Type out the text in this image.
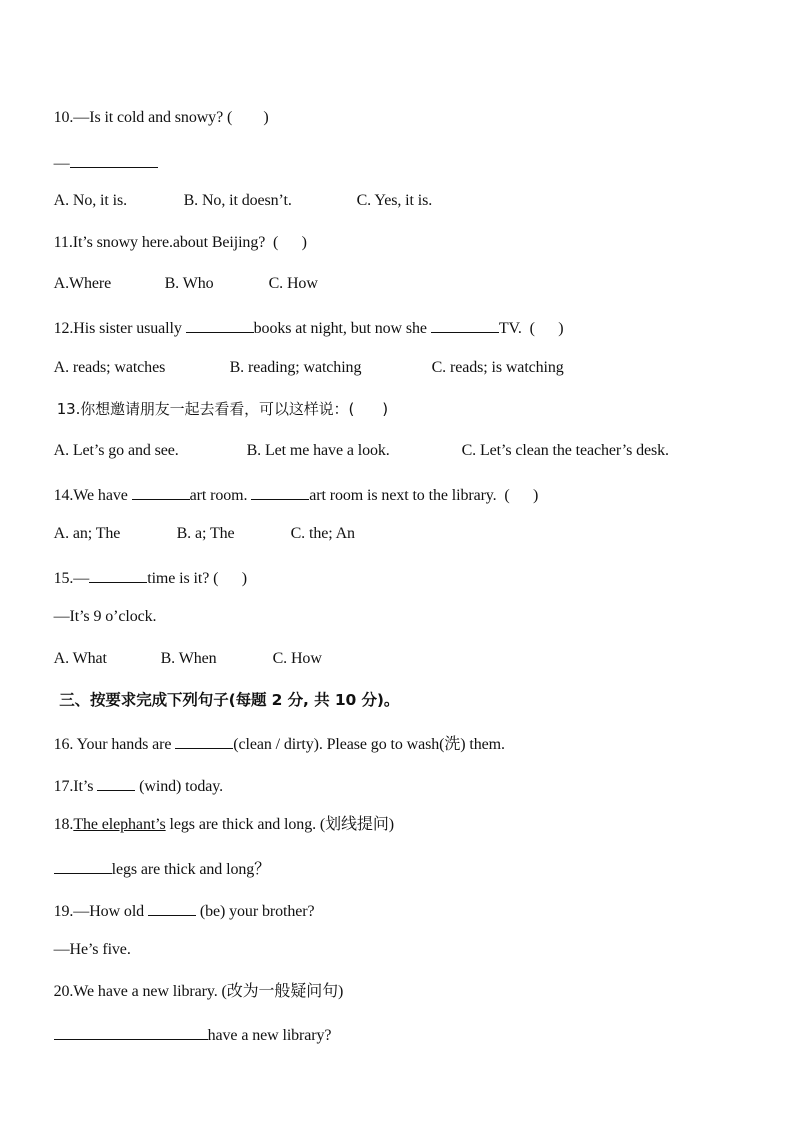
10.—Is it cold and snowy? (        )

—

A. No, it is.	B. No, it doesn’t.	C. Yes, it is.

11.It’s snowy here.about Beijing?  (      )

A.Where	B. Who	C. How

12.His sister usually	books at night, but now she	TV.  (      )

A. reads; watches	B. reading; watching	C. reads; is watching

13.你想邀请朋友一起去看看，可以这样说：(      )

A. Let’s go and see.	B. Let me have a look.	C. Let’s clean the teacher’s desk.

14.We have	art room.	art room is next to the library.  (      )

A. an; The	B. a; The	C. the; An

15.—	time is it? (      )

—It’s 9 o’clock.

A. What	B. When	C. How

三、按要求完成下列句子(每题 2 分, 共 10 分)。

16. Your hands are	(clean / dirty). Please go to wash(洗) them.

17.It’s  (wind) today.

18.The elephant’s legs are thick and long. (划线提问)

legs are thick and long？

19.—How old	(be) your brother?

—He’s five.

20.We have a new library. (改为一般疑问句)

have a new library?
